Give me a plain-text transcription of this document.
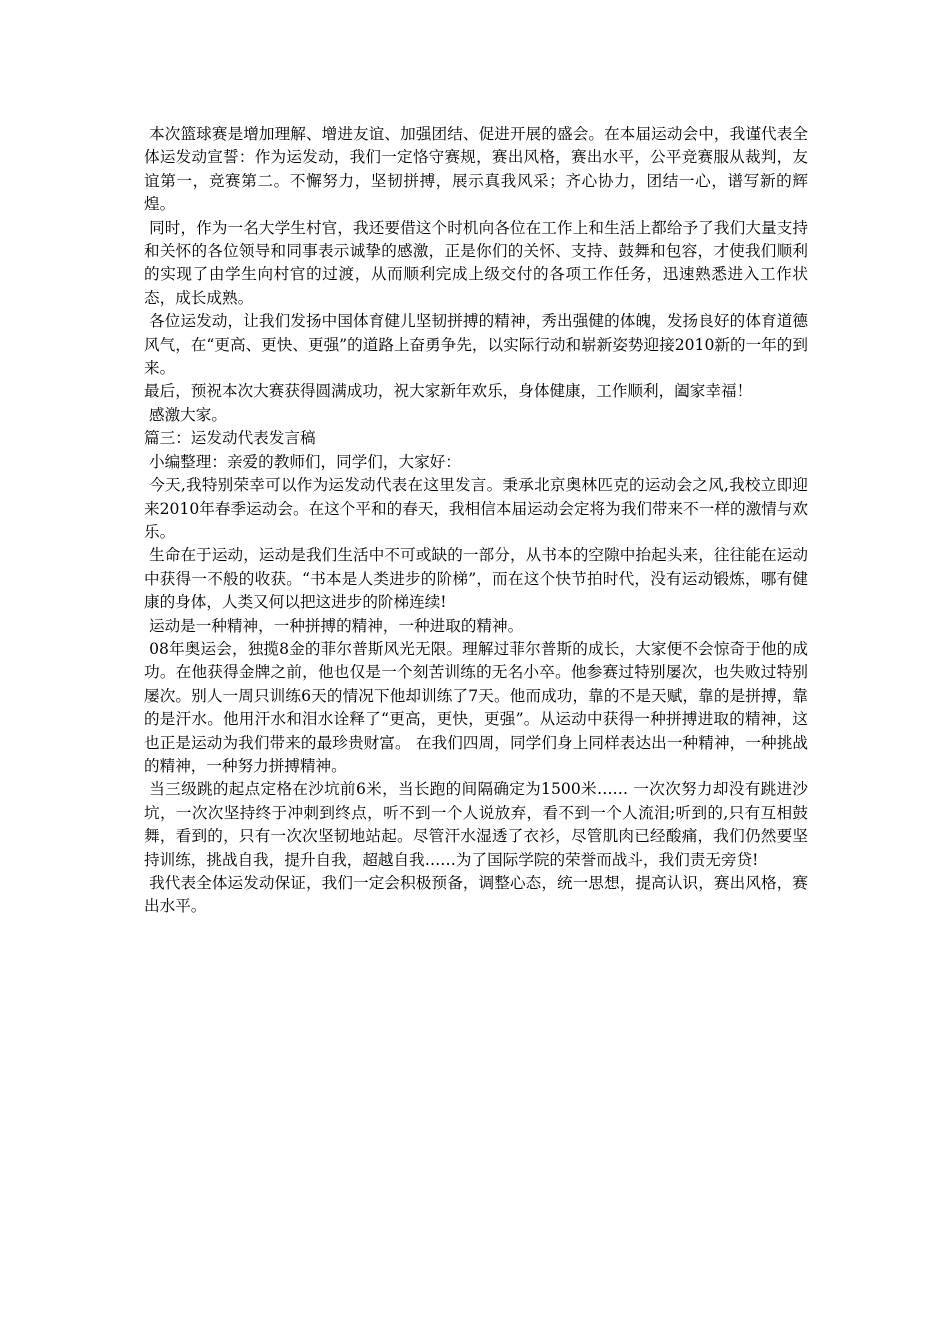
本次篮球赛是增加理解、增进友谊、加强团结、促进开展的盛会。在本届运动会中，我谨代表全体运发动宣誓：作为运发动，我们一定恪守赛规，赛出风格，赛出水平，公平竞赛服从裁判，友谊第一，竞赛第二。不懈努力，坚韧拼搏，展示真我风采；齐心协力，团结一心，谱写新的辉煌。

同时，作为一名大学生村官，我还要借这个时机向各位在工作上和生活上都给予了我们大量支持和关怀的各位领导和同事表示诚挚的感激，正是你们的关怀、支持、鼓舞和包容，才使我们顺利的实现了由学生向村官的过渡，从而顺利完成上级交付的各项工作任务，迅速熟悉进入工作状态，成长成熟。

各位运发动，让我们发扬中国体育健儿坚韧拼搏的精神，秀出强健的体魄，发扬良好的体育道德风气，在“更高、更快、更强”的道路上奋勇争先，以实际行动和崭新姿势迎接2010新的一年的到来。

最后，预祝本次大赛获得圆满成功，祝大家新年欢乐，身体健康，工作顺利，阖家幸福！

感激大家。

篇三：运发动代表发言稿

小编整理：亲爱的教师们，同学们，大家好：

今天,我特别荣幸可以作为运发动代表在这里发言。秉承北京奥林匹克的运动会之风,我校立即迎来2010年春季运动会。在这个平和的春天，我相信本届运动会定将为我们带来不一样的激情与欢乐。

生命在于运动，运动是我们生活中不可或缺的一部分，从书本的空隙中抬起头来，往往能在运动中获得一不般的收获。“书本是人类进步的阶梯”，而在这个快节拍时代，没有运动锻炼，哪有健康的身体，人类又何以把这进步的阶梯连续!

运动是一种精神，一种拼搏的精神，一种进取的精神。

08年奥运会，独揽8金的菲尔普斯风光无限。理解过菲尔普斯的成长，大家便不会惊奇于他的成功。在他获得金牌之前，他也仅是一个刻苦训练的无名小卒。他参赛过特别屡次，也失败过特别屡次。别人一周只训练6天的情况下他却训练了7天。他而成功，靠的不是天赋，靠的是拼搏，靠的是汗水。他用汗水和泪水诠释了“更高，更快，更强”。从运动中获得一种拼搏进取的精神，这也正是运动为我们带来的最珍贵财富。 在我们四周，同学们身上同样表达出一种精神，一种挑战的精神，一种努力拼搏精神。

当三级跳的起点定格在沙坑前6米，当长跑的间隔确定为1500米…… 一次次努力却没有跳进沙坑，一次次坚持终于冲刺到终点，听不到一个人说放弃，看不到一个人流泪;听到的,只有互相鼓舞，看到的，只有一次次坚韧地站起。尽管汗水湿透了衣衫，尽管肌肉已经酸痛，我们仍然要坚持训练，挑战自我，提升自我，超越自我……为了国际学院的荣誉而战斗，我们责无旁贷!

我代表全体运发动保证，我们一定会积极预备，调整心态，统一思想，提高认识，赛出风格，赛出水平。
